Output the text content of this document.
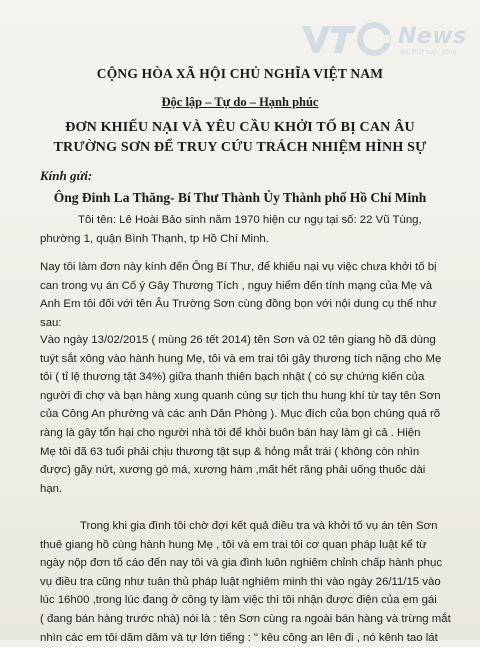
News
Nội thất cuộc sống
CỘNG HÒA XÃ HỘI CHỦ NGHĨA VIỆT NAM
Độc lập – Tự do – Hạnh phúc
ĐƠN KHIẾU NẠI VÀ YÊU CẦU KHỞI TỐ BỊ CAN ÂU
TRƯỜNG SƠN ĐỂ TRUY CỨU TRÁCH NHIỆM HÌNH SỰ
Kính gửi:
Ông Đinh La Thăng- Bí Thư Thành Ủy Thành phố Hồ Chí Minh
Tôi tên: Lê Hoài Bảo sinh năm 1970 hiện cư ngụ tại số: 22 Vũ Tùng,
phường 1, quận Bình Thạnh, tp Hồ Chí Minh.
Nay tôi làm đơn này kính đến Ông Bí Thư, để khiếu nại vụ việc chưa khởi tố bị
can trong vụ án Cố ý Gây Thương Tích , nguy hiểm đến tính mạng của Mẹ và
Anh Em tôi đối với tên Âu Trường Sơn cùng đồng bọn với nội dung cụ thể như
sau:
Vào ngày 13/02/2015 ( mùng 26 tết 2014) tên Sơn và 02 tên giang hồ đã dùng
tuýt sắt xông vào hành hung Mẹ, tôi và em trai tôi gây thương tích nặng cho Mẹ
tôi ( tỉ lệ thương tật 34%) giữa thanh thiên bạch nhật ( có sự chứng kiến của
người đi chợ và bạn hàng xung quanh cùng sự tịch thu hung khí từ tay tên Sơn
của Công An phường và các anh Dân Phòng ). Mục đích của bọn chúng quá rõ
ràng là gây tổn hại cho người nhà tôi để khỏi buôn bán hay làm gì cả . Hiện
Mẹ tôi đã 63 tuổi phải chịu thương tật sụp & hỏng mắt trái ( không còn nhìn
được) gãy nứt, xương gò má, xương hàm ,mất hết răng phải uống thuốc dài
hạn.
Trong khi gia đình tôi chờ đợi kết quả điều tra và khởi tố vụ án tên Sơn
thuê giang hồ cùng hành hung Mẹ , tôi và em trai tôi cơ quan pháp luật kể từ
ngày nộp đơn tố cáo đến nay tôi và gia đình luôn nghiêm chỉnh chấp hành phục
vụ điều tra cũng như tuân thủ pháp luật nghiêm minh thì vào ngày 26/11/15 vào
lúc 16h00 ,trong lúc đang ở công ty làm việc thì tôi nhận được điện của em gái
( đang bán hàng trước nhà) nói là : tên Sơn cùng ra ngoài bán hàng và trừng mắt
nhìn các em tôi dăm dăm và tự lớn tiếng : " kêu công an lên đi , nó kênh tao lát
